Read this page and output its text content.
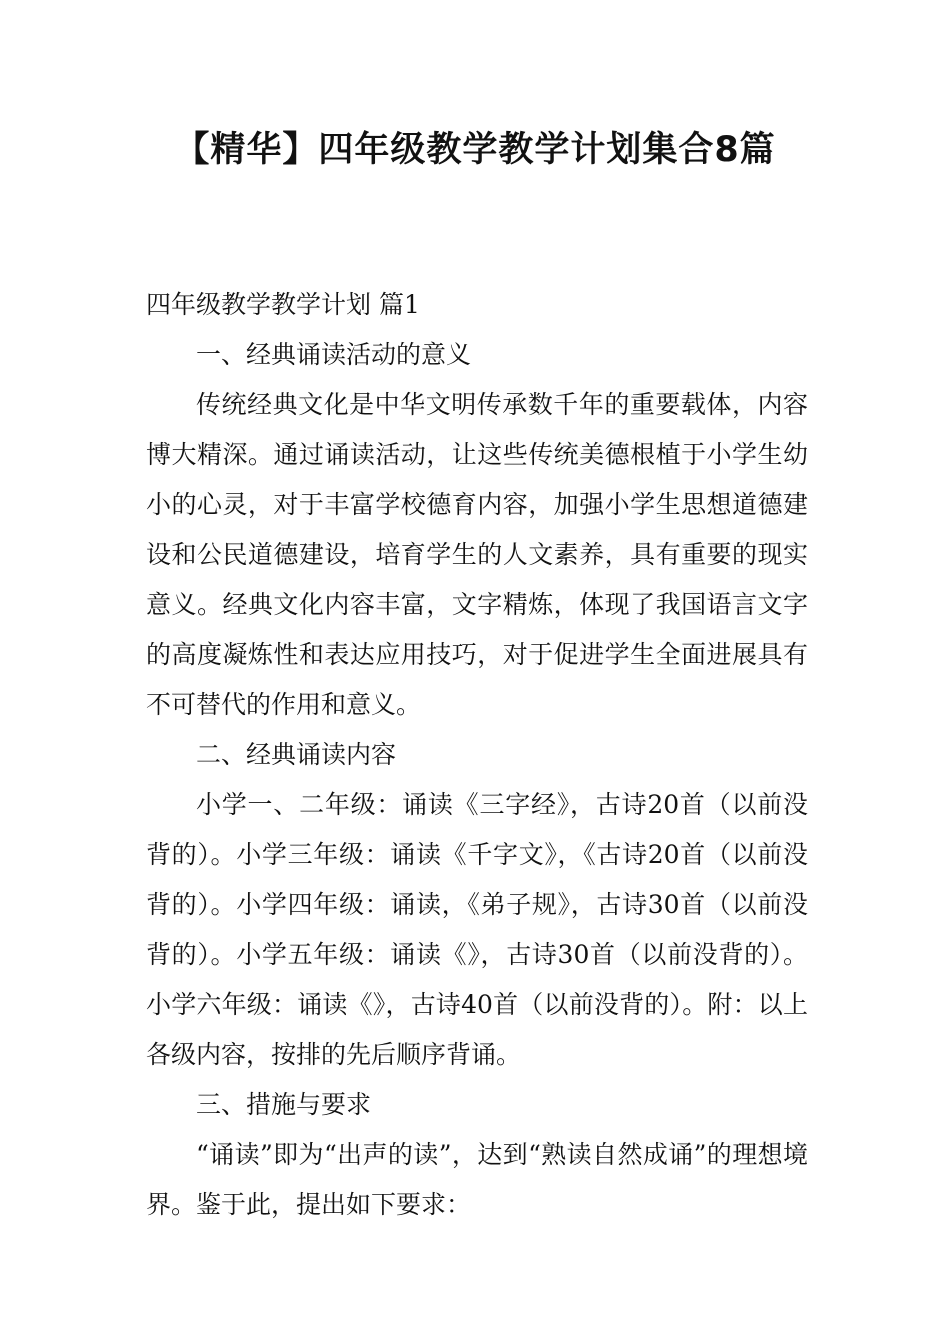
【精华】四年级教学教学计划集合8篇

四年级教学教学计划 篇1

一、经典诵读活动的意义

传统经典文化是中华文明传承数千年的重要载体，内容博大精深。通过诵读活动，让这些传统美德根植于小学生幼小的心灵，对于丰富学校德育内容，加强小学生思想道德建设和公民道德建设，培育学生的人文素养，具有重要的现实意义。经典文化内容丰富，文字精炼，体现了我国语言文字的高度凝炼性和表达应用技巧，对于促进学生全面进展具有不可替代的作用和意义。

二、经典诵读内容

小学一、二年级：诵读《三字经》，古诗20首（以前没背的）。小学三年级：诵读《千字文》，《古诗20首（以前没背的）。小学四年级：诵读，《弟子规》，古诗30首（以前没背的）。小学五年级：诵读《》，古诗30首（以前没背的）。小学六年级：诵读《》，古诗40首（以前没背的）。附：以上各级内容，按排的先后顺序背诵。

三、措施与要求

“诵读”即为“出声的读”，达到“熟读自然成诵”的理想境界。鉴于此，提出如下要求：
